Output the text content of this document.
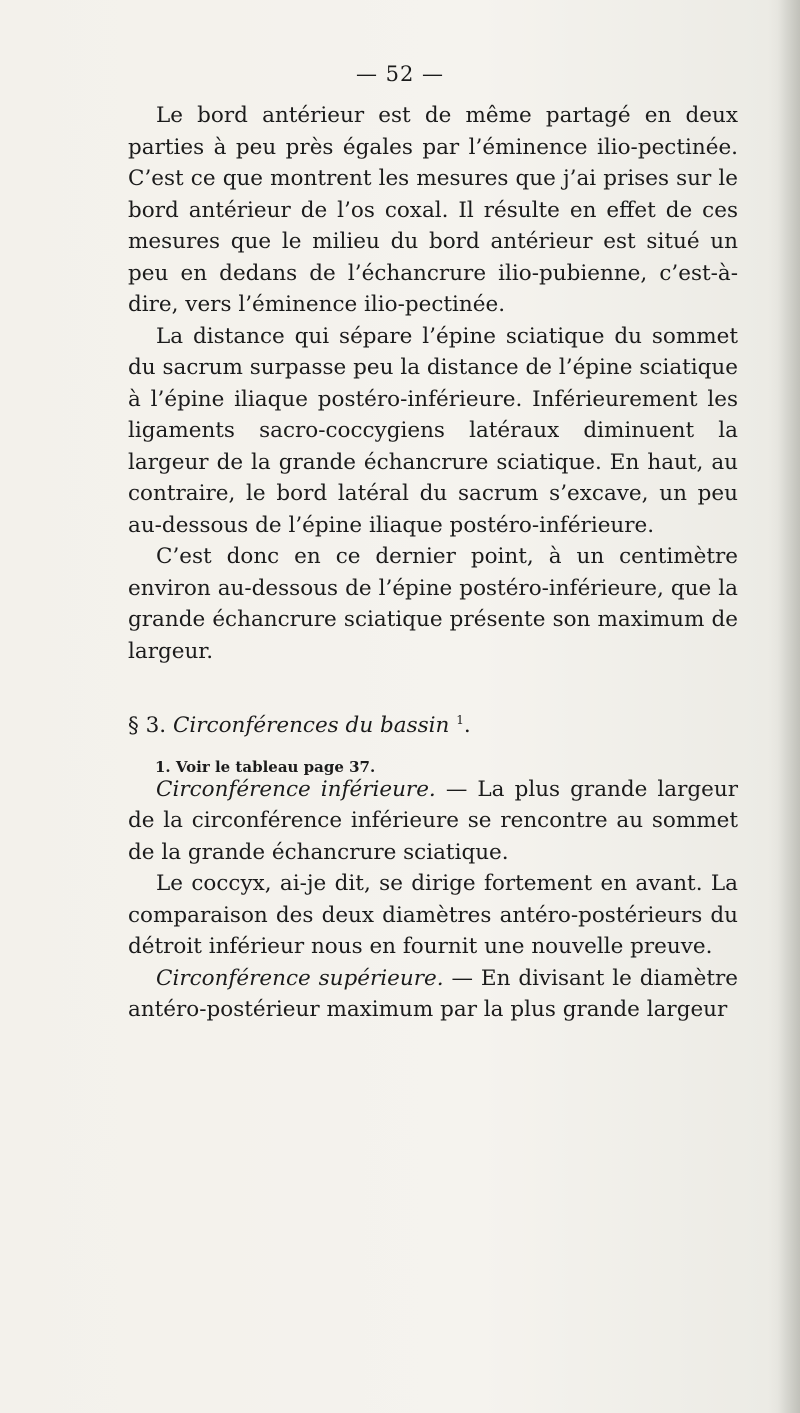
— 52 —

Le bord antérieur est de même partagé en deux parties à peu près égales par l’éminence ilio-pectinée. C’est ce que montrent les mesures que j’ai prises sur le bord antérieur de l’os coxal. Il résulte en effet de ces mesures que le milieu du bord antérieur est situé un peu en dedans de l’échancrure ilio-pubienne, c’est-à-dire, vers l’éminence ilio-pectinée.

La distance qui sépare l’épine sciatique du sommet du sacrum surpasse peu la distance de l’épine sciatique à l’épine iliaque postéro-inférieure. Inférieurement les ligaments sacro-coccygiens latéraux diminuent la largeur de la grande échancrure sciatique. En haut, au contraire, le bord latéral du sacrum s’excave, un peu au-dessous de l’épine iliaque postéro-inférieure.

C’est donc en ce dernier point, à un centimètre environ au-dessous de l’épine postéro-inférieure, que la grande échancrure sciatique présente son maximum de largeur.

§ 3. Circonférences du bassin $^1$.

Circonférence inférieure. — La plus grande largeur de la circonférence inférieure se rencontre au sommet de la grande échancrure sciatique.

Le coccyx, ai-je dit, se dirige fortement en avant. La comparaison des deux diamètres antéro-postérieurs du détroit inférieur nous en fournit une nouvelle preuve.

Circonférence supérieure. — En divisant le diamètre antéro-postérieur maximum par la plus grande largeur

1. Voir le tableau page 37.
